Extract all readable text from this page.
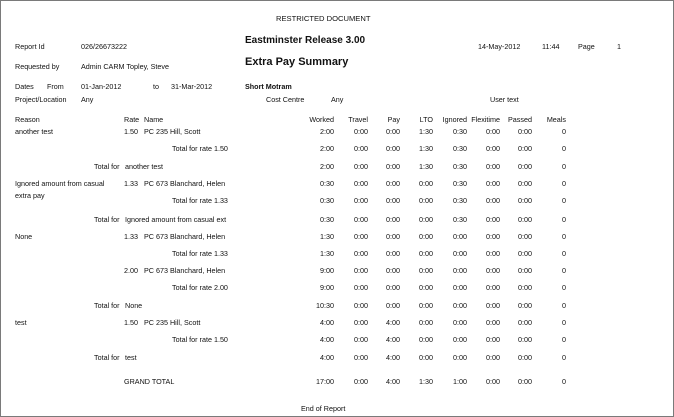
RESTRICTED DOCUMENT
Report Id	026/26673222
Requested by	Admin CARM Topley, Steve
Dates From 01-Jan-2012	to 31-Mar-2012
Project/Location Any
Eastminster Release 3.00
Extra Pay Summary
Short Motram
Cost Centre	Any	User text
14-May-2012	11:44	Page	1
Reason	Rate Name	Worked	Travel	Pay	LTO	Ignored Flexitime	Passed	Meals
another test	1.50 PC 235 Hill, Scott	2:00	0:00	0:00	1:30	0:30	0:00	0:00	0
Total for rate 1.50	2:00	0:00	0:00	1:30	0:30	0:00	0:00	0
Total for another test	2:00	0:00	0:00	1:30	0:30	0:00	0:00	0
Ignored amount from casual
extra pay
1.33 PC 673 Blanchard, Helen	0:30	0:00	0:00	0:00	0:30	0:00	0:00	0
Total for rate 1.33	0:30	0:00	0:00	0:00	0:30	0:00	0:00	0
Total for Ignored amount from casual ext	0:30	0:00	0:00	0:00	0:30	0:00	0:00	0
None	1.33 PC 673 Blanchard, Helen	1:30	0:00	0:00	0:00	0:00	0:00	0:00	0
Total for rate 1.33	1:30	0:00	0:00	0:00	0:00	0:00	0:00	0
2.00 PC 673 Blanchard, Helen	9:00	0:00	0:00	0:00	0:00	0:00	0:00	0
Total for rate 2.00	9:00	0:00	0:00	0:00	0:00	0:00	0:00	0
Total for None	10:30	0:00	0:00	0:00	0:00	0:00	0:00	0
test	1.50 PC 235 Hill, Scott	4:00	0:00	4:00	0:00	0:00	0:00	0:00	0
Total for rate 1.50	4:00	0:00	4:00	0:00	0:00	0:00	0:00	0
Total for test	4:00	0:00	4:00	0:00	0:00	0:00	0:00	0
GRAND TOTAL	17:00	0:00	4:00	1:30	1:00	0:00	0:00	0
End of Report
